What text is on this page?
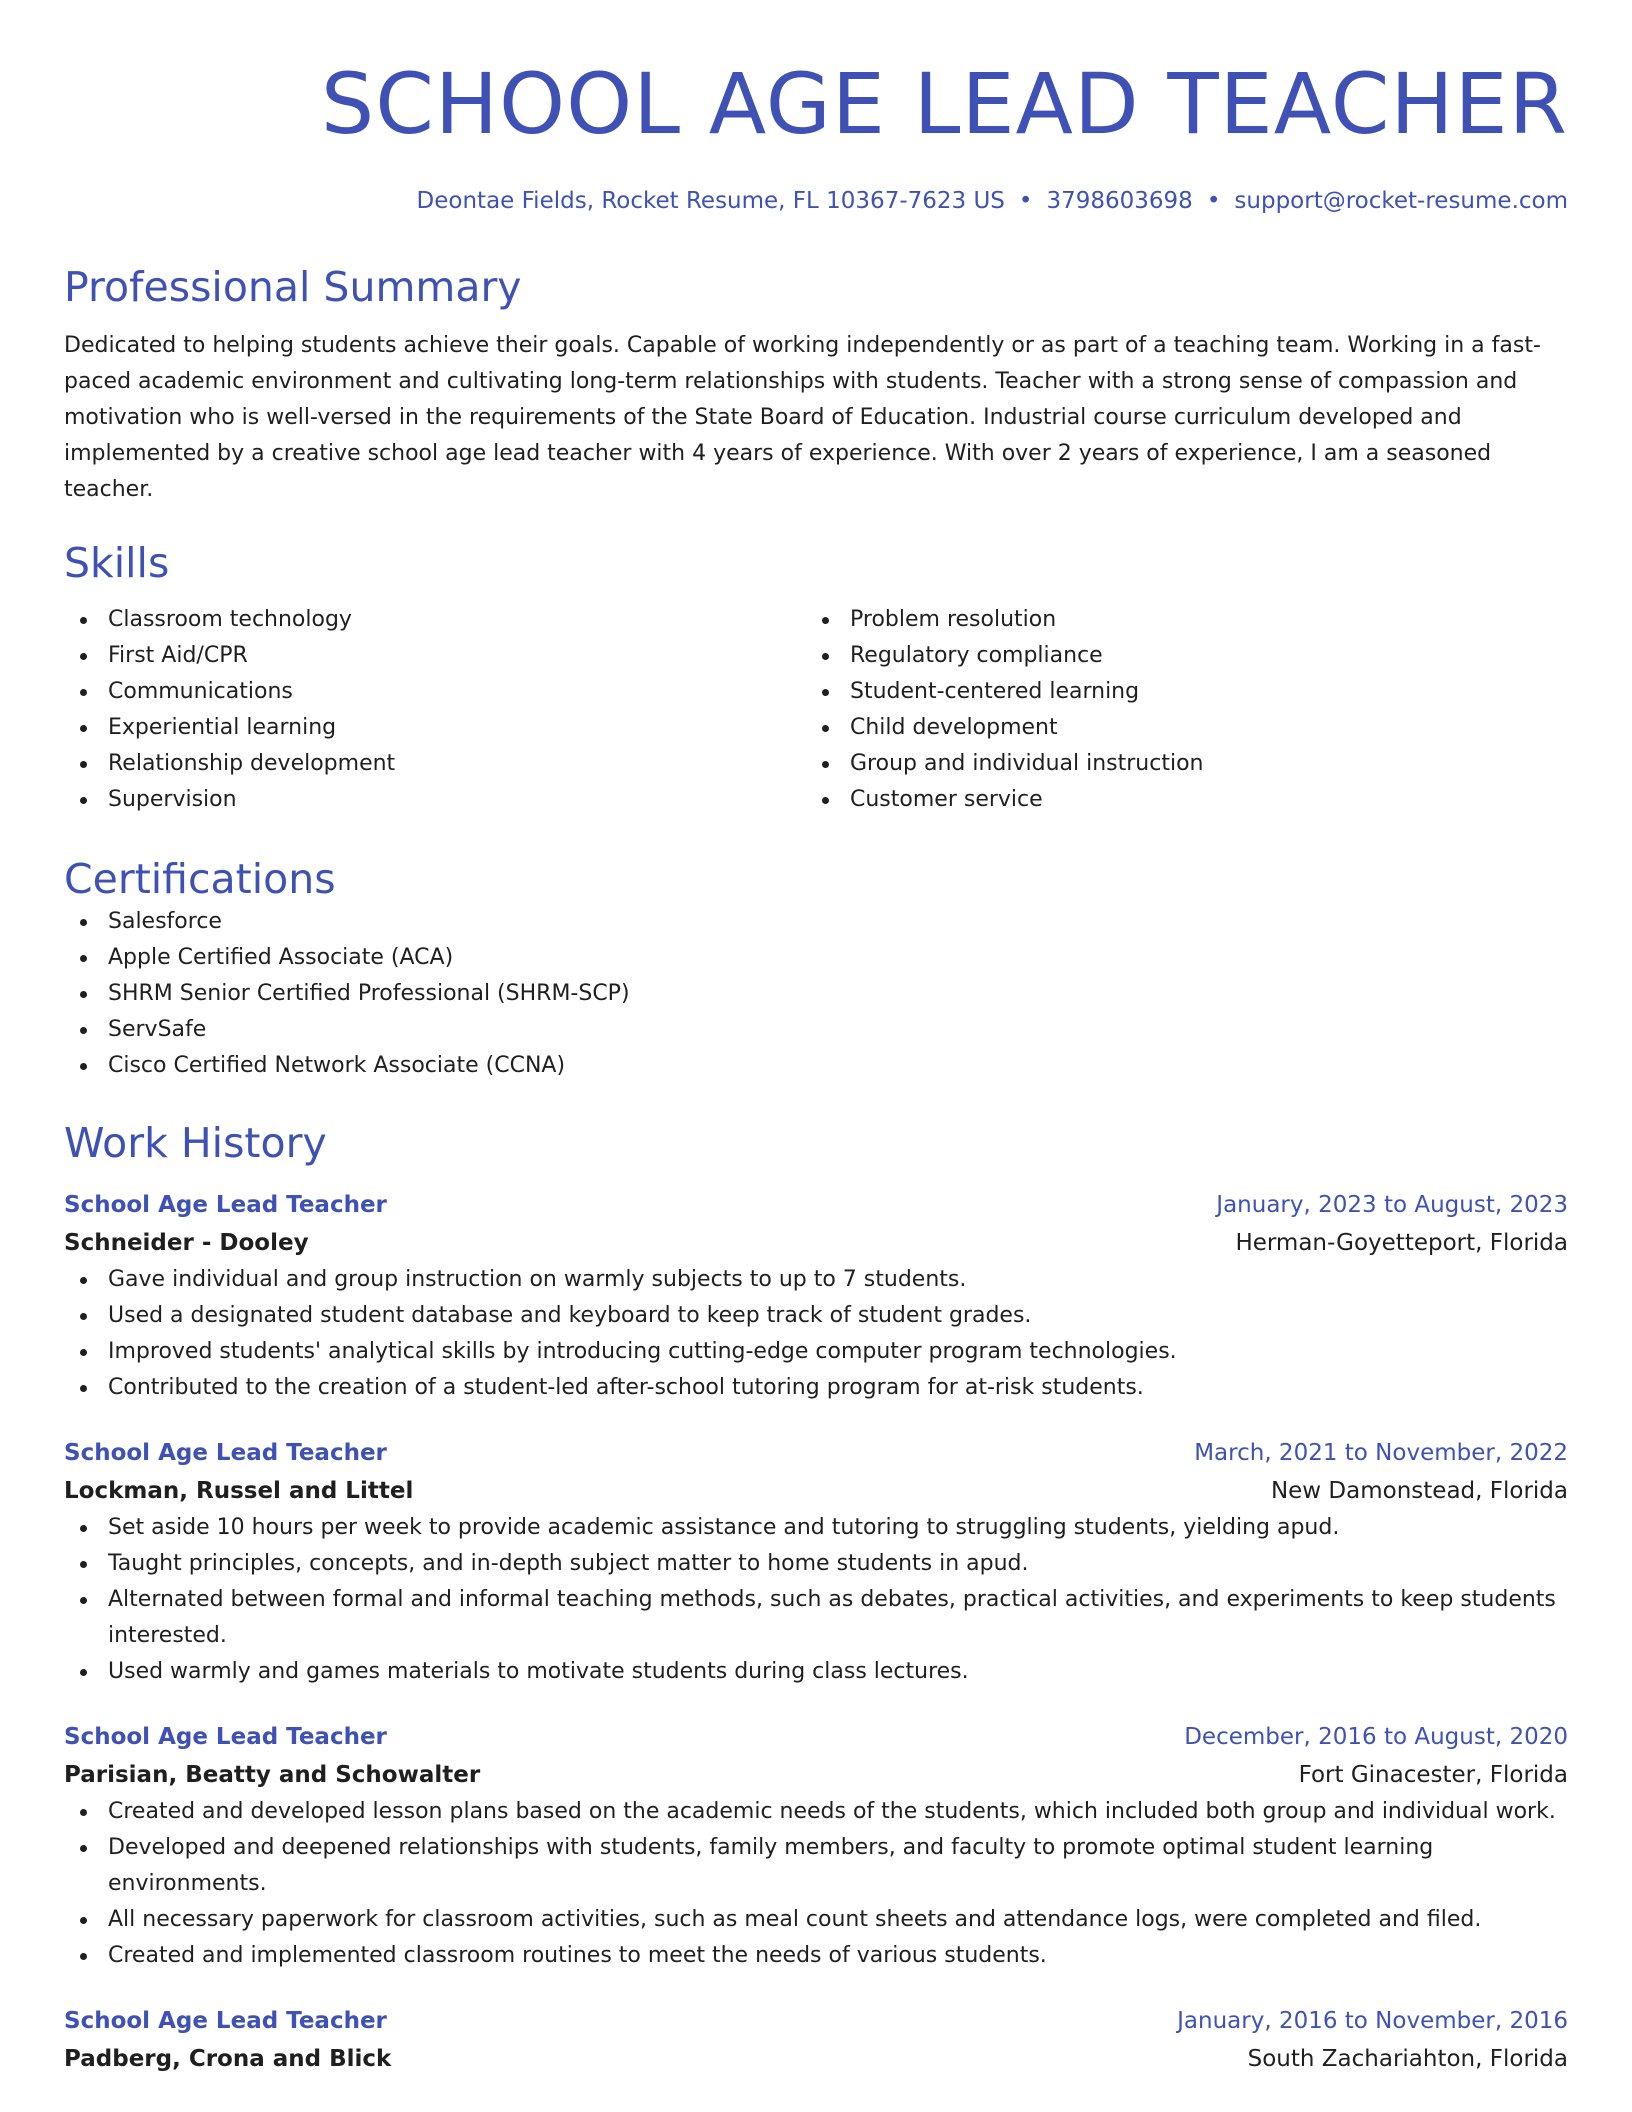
SCHOOL AGE LEAD TEACHER
Deontae Fields, Rocket Resume, FL 10367-7623 US • 3798603698 • support@rocket-resume.com
Professional Summary

Dedicated to helping students achieve their goals. Capable of working independently or as part of a teaching team. Working in a fast-paced academic environment and cultivating long-term relationships with students. Teacher with a strong sense of compassion and motivation who is well-versed in the requirements of the State Board of Education. Industrial course curriculum developed and implemented by a creative school age lead teacher with 4 years of experience. With over 2 years of experience, I am a seasoned teacher.

Skills
Classroom technology
First Aid/CPR
Communications
Experiential learning
Relationship development
Supervision
Problem resolution
Regulatory compliance
Student-centered learning
Child development
Group and individual instruction
Customer service
Certifications
Salesforce
Apple Certified Associate (ACA)
SHRM Senior Certified Professional (SHRM-SCP)
ServSafe
Cisco Certified Network Associate (CCNA)
Work History
School Age Lead Teacher	January, 2023 to August, 2023
Schneider - Dooley	Herman-Goyetteport, Florida
Gave individual and group instruction on warmly subjects to up to 7 students.
Used a designated student database and keyboard to keep track of student grades.
Improved students' analytical skills by introducing cutting-edge computer program technologies.
Contributed to the creation of a student-led after-school tutoring program for at-risk students.
School Age Lead Teacher	March, 2021 to November, 2022
Lockman, Russel and Littel	New Damonstead, Florida
Set aside 10 hours per week to provide academic assistance and tutoring to struggling students, yielding apud.
Taught principles, concepts, and in-depth subject matter to home students in apud.
Alternated between formal and informal teaching methods, such as debates, practical activities, and experiments to keep students interested.
Used warmly and games materials to motivate students during class lectures.
School Age Lead Teacher	December, 2016 to August, 2020
Parisian, Beatty and Schowalter	Fort Ginacester, Florida
Created and developed lesson plans based on the academic needs of the students, which included both group and individual work.
Developed and deepened relationships with students, family members, and faculty to promote optimal student learning environments.
All necessary paperwork for classroom activities, such as meal count sheets and attendance logs, were completed and filed.
Created and implemented classroom routines to meet the needs of various students.
School Age Lead Teacher	January, 2016 to November, 2016
Padberg, Crona and Blick	South Zachariahton, Florida
